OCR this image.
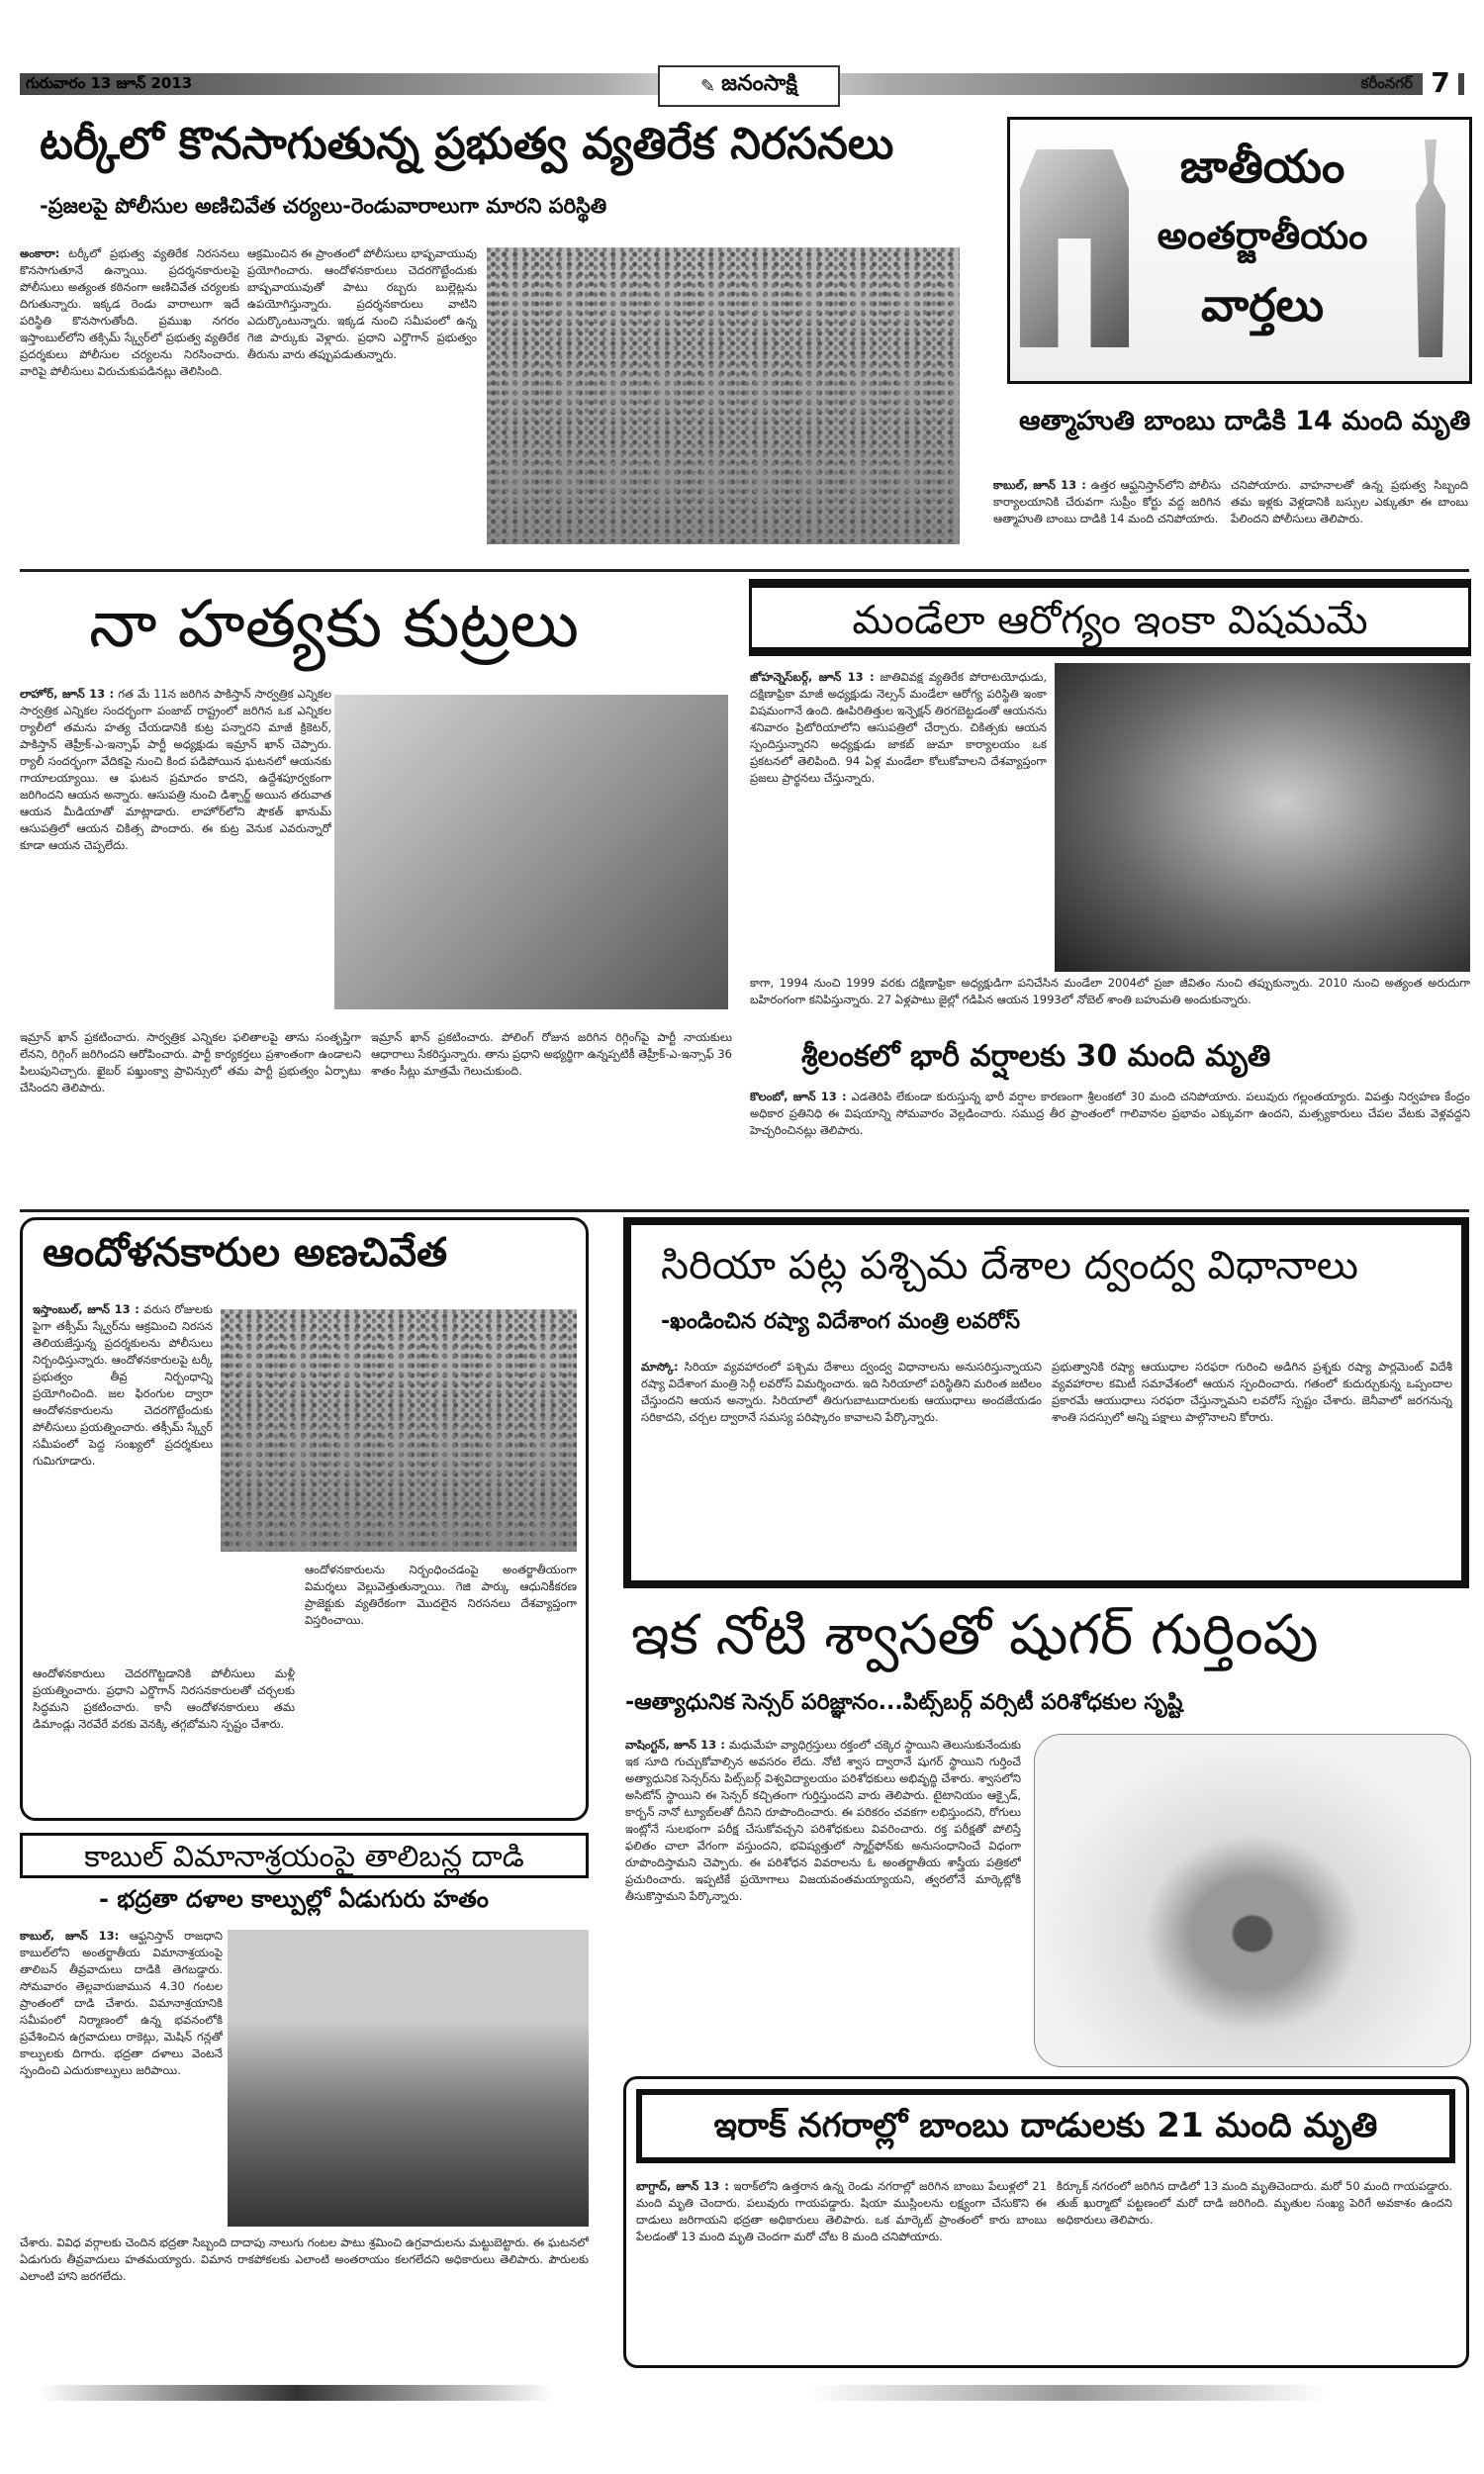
గురువారం 13 జూన్ 2013	✎ జనంసాక్షి	కరీంనగర్ 7
టర్కీలో కొనసాగుతున్న ప్రభుత్వ వ్యతిరేక నిరసనలు
-ప్రజలపై పోలీసుల అణిచివేత చర్యలు-రెండువారాలుగా మారని పరిస్థితి
అంకారా: టర్కీలో ప్రభుత్వ వ్యతిరేక నిరసనలు కొనసాగుతూనే ఉన్నాయి. ప్రదర్శనకారులపై పోలీసులు అత్యంత కఠినంగా అణిచివేత చర్యలకు దిగుతున్నారు. ఇక్కడ రెండు వారాలుగా ఇదే పరిస్థితి కొనసాగుతోంది. ప్రముఖ నగరం ఇస్తాంబుల్‌లోని తక్సిమ్ స్క్వేర్‌లో ప్రభుత్వ వ్యతిరేక ప్రదర్శకులు పోలీసుల చర్యలను నిరసించారు. వారిపై పోలీసులు విరుచుకుపడినట్లు తెలిసింది.
ఆక్రమించిన ఈ ప్రాంతంలో పోలీసులు భాష్పవాయువు ప్రయోగించారు. ఆందోళనకారులు చెదరగొట్టేందుకు బాష్పవాయువుతో పాటు రబ్బరు బుల్లెట్లను ఉపయోగిస్తున్నారు. ప్రదర్శనకారులు వాటిని ఎదుర్కొంటున్నారు. ఇక్కడ నుంచి సమీపంలో ఉన్న గెజి పార్కుకు వెళ్లారు. ప్రధాని ఎర్డొగాన్ ప్రభుత్వం తీరును వారు తప్పుపడుతున్నారు.
జాతీయం
అంతర్జాతీయం
వార్తలు
ఆత్మాహుతి బాంబు దాడికి 14 మంది మృతి
కాబుల్, జూన్ 13 : ఉత్తర ఆఫ్ఘనిస్తాన్‌లోని పోలీసు కార్యాలయానికి చేరువగా సుప్రీం కోర్టు వద్ద జరిగిన ఆత్మాహుతి బాంబు దాడికి 14 మంది చనిపోయారు.
చనిపోయారు. వాహనాలతో ఉన్న ప్రభుత్వ సిబ్బంది తమ ఇళ్లకు వెళ్లడానికి బస్సుల ఎక్కుతూ ఈ బాంబు పేలిందని పోలీసులు తెలిపారు.
నా హత్యకు కుట్రలు
లాహోర్, జూన్ 13 : గత మే 11న జరిగిన పాకిస్తాన్ సార్వత్రిక ఎన్నికల సార్వత్రిక ఎన్నికల సందర్భంగా పంజాబ్ రాష్ట్రంలో జరిగిన ఒక ఎన్నికల ర్యాలీలో తమను హత్య చేయడానికి కుట్ర పన్నారని మాజీ క్రికెటర్, పాకిస్తాన్ తెహ్రీక్-ఎ-ఇన్సాఫ్ పార్టీ అధ్యక్షుడు ఇమ్రాన్ ఖాన్ చెప్పారు. ర్యాలీ సందర్భంగా వేదికపై నుంచి కింద పడిపోయిన ఘటనలో ఆయనకు గాయాలయ్యాయి. ఆ ఘటన ప్రమాదం కాదని, ఉద్దేశపూర్వకంగా జరిగిందని ఆయన అన్నారు. ఆసుపత్రి నుంచి డిశ్చార్జ్ అయిన తరువాత ఆయన మీడియాతో మాట్లాడారు. లాహోర్‌లోని షౌకత్ ఖానుమ్ ఆసుపత్రిలో ఆయన చికిత్స పొందారు. ఈ కుట్ర వెనుక ఎవరున్నారో కూడా ఆయన చెప్పలేదు.
ఇమ్రాన్ ఖాన్ ప్రకటించారు. సార్వత్రిక ఎన్నికల ఫలితాలపై తాను సంతృప్తిగా లేనని, రిగ్గింగ్ జరిగిందని ఆరోపించారు. పార్టీ కార్యకర్తలు ప్రశాంతంగా ఉండాలని పిలుపునిచ్చారు. ఖైబర్ పఖ్తుంక్వా ప్రావిన్సులో తమ పార్టీ ప్రభుత్వం ఏర్పాటు చేసిందని తెలిపారు.
ఇమ్రాన్ ఖాన్ ప్రకటించారు. పోలింగ్ రోజున జరిగిన రిగ్గింగ్‌పై పార్టీ నాయకులు ఆధారాలు సేకరిస్తున్నారు. తాను ప్రధాని అభ్యర్థిగా ఉన్నప్పటికీ తెహ్రీక్-ఎ-ఇన్సాఫ్ 36 శాతం సీట్లు మాత్రమే గెలుచుకుంది.
మండేలా ఆరోగ్యం ఇంకా విషమమే
జోహన్నెస్‌బర్గ్, జూన్ 13 : జాతివివక్ష వ్యతిరేక పోరాటయోధుడు, దక్షిణాఫ్రికా మాజీ అధ్యక్షుడు నెల్సన్ మండేలా ఆరోగ్య పరిస్థితి ఇంకా విషమంగానే ఉంది. ఊపిరితిత్తుల ఇన్ఫెక్షన్ తిరగబెట్టడంతో ఆయనను శనివారం ప్రిటోరియాలోని ఆసుపత్రిలో చేర్చారు. చికిత్సకు ఆయన స్పందిస్తున్నారని అధ్యక్షుడు జాకబ్ జుమా కార్యాలయం ఒక ప్రకటనలో తెలిపింది. 94 ఏళ్ల మండేలా కోలుకోవాలని దేశవ్యాప్తంగా ప్రజలు ప్రార్థనలు చేస్తున్నారు.
కాగా, 1994 నుంచి 1999 వరకు దక్షిణాఫ్రికా అధ్యక్షుడిగా పనిచేసిన మండేలా 2004లో ప్రజా జీవితం నుంచి తప్పుకున్నారు. 2010 నుంచి అత్యంత అరుదుగా బహిరంగంగా కనిపిస్తున్నారు. 27 ఏళ్లపాటు జైల్లో గడిపిన ఆయన 1993లో నోబెల్ శాంతి బహుమతి అందుకున్నారు.
శ్రీలంకలో భారీ వర్షాలకు 30 మంది మృతి
కొలంబో, జూన్ 13 : ఎడతెరిపి లేకుండా కురుస్తున్న భారీ వర్షాల కారణంగా శ్రీలంకలో 30 మంది చనిపోయారు. పలువురు గల్లంతయ్యారు. విపత్తు నిర్వహణ కేంద్రం అధికార ప్రతినిధి ఈ విషయాన్ని సోమవారం వెల్లడించారు. సముద్ర తీర ప్రాంతంలో గాలివానల ప్రభావం ఎక్కువగా ఉందని, మత్స్యకారులు చేపల వేటకు వెళ్లవద్దని హెచ్చరించినట్లు తెలిపారు.
ఆందోళనకారుల అణచివేత
ఇస్తాంబుల్, జూన్ 13 : వరుస రోజులకు పైగా తక్సీమ్ స్క్వేర్‌ను ఆక్రమించి నిరసన తెలియజేస్తున్న ప్రదర్శకులను పోలీసులు నిర్బంధిస్తున్నారు. ఆందోళనకారులపై టర్కీ ప్రభుత్వం తీవ్ర నిర్బంధాన్ని ప్రయోగించింది. జల ఫిరంగుల ద్వారా ఆందోళనకారులను చెదరగొట్టేందుకు పోలీసులు ప్రయత్నించారు. తక్సీమ్ స్క్వేర్ సమీపంలో పెద్ద సంఖ్యలో ప్రదర్శకులు గుమిగూడారు.
ఆందోళనకారులు చెదరగొట్టడానికి పోలీసులు మళ్లీ ప్రయత్నించారు. ప్రధాని ఎర్డొగాన్ నిరసనకారులతో చర్చలకు సిద్ధమని ప్రకటించారు. కానీ ఆందోళనకారులు తమ డిమాండ్లు నెరవేరే వరకు వెనక్కి తగ్గబోమని స్పష్టం చేశారు.
ఆందోళనకారులను నిర్బంధించడంపై అంతర్జాతీయంగా విమర్శలు వెల్లువెత్తుతున్నాయి. గెజి పార్కు ఆధునికీకరణ ప్రాజెక్టుకు వ్యతిరేకంగా మొదలైన నిరసనలు దేశవ్యాప్తంగా విస్తరించాయి.
సిరియా పట్ల పశ్చిమ దేశాల ద్వంద్వ విధానాలు
-ఖండించిన రష్యా విదేశాంగ మంత్రి లవరోస్
మాస్కో: సిరియా వ్యవహారంలో పశ్చిమ దేశాలు ద్వంద్వ విధానాలను అనుసరిస్తున్నాయని రష్యా విదేశాంగ మంత్రి సెర్గీ లవరోస్ విమర్శించారు. ఇది సిరియాలో పరిస్థితిని మరింత జటిలం చేస్తుందని ఆయన అన్నారు. సిరియాలో తిరుగుబాటుదారులకు ఆయుధాలు అందజేయడం సరికాదని, చర్చల ద్వారానే సమస్య పరిష్కారం కావాలని పేర్కొన్నారు.
ప్రభుత్వానికి రష్యా ఆయుధాల సరఫరా గురించి అడిగిన ప్రశ్నకు రష్యా పార్లమెంట్ విదేశీ వ్యవహారాల కమిటీ సమావేశంలో ఆయన స్పందించారు. గతంలో కుదుర్చుకున్న ఒప్పందాల ప్రకారమే ఆయుధాలు సరఫరా చేస్తున్నామని లవరోస్ స్పష్టం చేశారు. జెనీవాలో జరగనున్న శాంతి సదస్సులో అన్ని పక్షాలు పాల్గొనాలని కోరారు.
ఇక నోటి శ్వాసతో షుగర్ గుర్తింపు
-ఆత్యాధునిక సెన్సర్ పరిజ్ఞానం...పిట్స్‌బర్గ్ వర్సిటీ పరిశోధకుల సృష్టి
వాషింగ్టన్, జూన్ 13 : మధుమేహ వ్యాధిగ్రస్తులు రక్తంలో చక్కెర స్థాయిని తెలుసుకునేందుకు ఇక సూది గుచ్చుకోవాల్సిన అవసరం లేదు. నోటి శ్వాస ద్వారానే షుగర్ స్థాయిని గుర్తించే అత్యాధునిక సెన్సర్‌ను పిట్స్‌బర్గ్ విశ్వవిద్యాలయం పరిశోధకులు అభివృద్ధి చేశారు. శ్వాసలోని అసిటోన్ స్థాయిని ఈ సెన్సర్ కచ్చితంగా గుర్తిస్తుందని వారు తెలిపారు. టైటానియం ఆక్సైడ్, కార్బన్ నానో ట్యూబ్‌లతో దీనిని రూపొందించారు. ఈ పరికరం చవకగా లభిస్తుందని, రోగులు ఇంట్లోనే సులభంగా పరీక్ష చేసుకోవచ్చని పరిశోధకులు వివరించారు. రక్త పరీక్షతో పోలిస్తే ఫలితం చాలా వేగంగా వస్తుందని, భవిష్యత్తులో స్మార్ట్‌ఫోన్‌కు అనుసంధానించే విధంగా రూపొందిస్తామని చెప్పారు. ఈ పరిశోధన వివరాలను ఓ అంతర్జాతీయ శాస్త్రీయ పత్రికలో ప్రచురించారు. ఇప్పటికే ప్రయోగాలు విజయవంతమయ్యాయని, త్వరలోనే మార్కెట్లోకి తీసుకొస్తామని పేర్కొన్నారు.
కాబుల్ విమానాశ్రయంపై తాలిబన్ల దాడి
- భద్రతా దళాల కాల్పుల్లో ఏడుగురు హతం
కాబుల్, జూన్ 13: ఆఫ్ఘనిస్తాన్ రాజధాని కాబుల్‌లోని అంతర్జాతీయ విమానాశ్రయంపై తాలిబన్ తీవ్రవాదులు దాడికి తెగబడ్డారు. సోమవారం తెల్లవారుజామున 4.30 గంటల ప్రాంతంలో దాడి చేశారు. విమానాశ్రయానికి సమీపంలో నిర్మాణంలో ఉన్న భవనంలోకి ప్రవేశించిన ఉగ్రవాదులు రాకెట్లు, మెషిన్ గన్లతో కాల్పులకు దిగారు. భద్రతా దళాలు వెంటనే స్పందించి ఎదురుకాల్పులు జరిపాయి.
చేశారు. వివిధ వర్గాలకు చెందిన భద్రతా సిబ్బంది దాదాపు నాలుగు గంటల పాటు శ్రమించి ఉగ్రవాదులను మట్టుబెట్టారు. ఈ ఘటనలో ఏడుగురు తీవ్రవాదులు హతమయ్యారు. విమాన రాకపోకలకు ఎలాంటి అంతరాయం కలగలేదని అధికారులు తెలిపారు. పౌరులకు ఎలాంటి హాని జరగలేదు.
ఇరాక్ నగరాల్లో బాంబు దాడులకు 21 మంది మృతి
బాగ్దాద్, జూన్ 13 : ఇరాక్‌లోని ఉత్తరాన ఉన్న రెండు నగరాల్లో జరిగిన బాంబు పేలుళ్లలో 21 మంది మృతి చెందారు. పలువురు గాయపడ్డారు. షియా ముస్లింలను లక్ష్యంగా చేసుకొని ఈ దాడులు జరిగాయని భద్రతా అధికారులు తెలిపారు. ఒక మార్కెట్ ప్రాంతంలో కారు బాంబు పేలడంతో 13 మంది మృతి చెందగా మరో చోట 8 మంది చనిపోయారు.
కిర్కూక్ నగరంలో జరిగిన దాడిలో 13 మంది మృతిచెందారు. మరో 50 మంది గాయపడ్డారు. తుజ్ ఖుర్మాటో పట్టణంలో మరో దాడి జరిగింది. మృతుల సంఖ్య పెరిగే అవకాశం ఉందని అధికారులు తెలిపారు.
